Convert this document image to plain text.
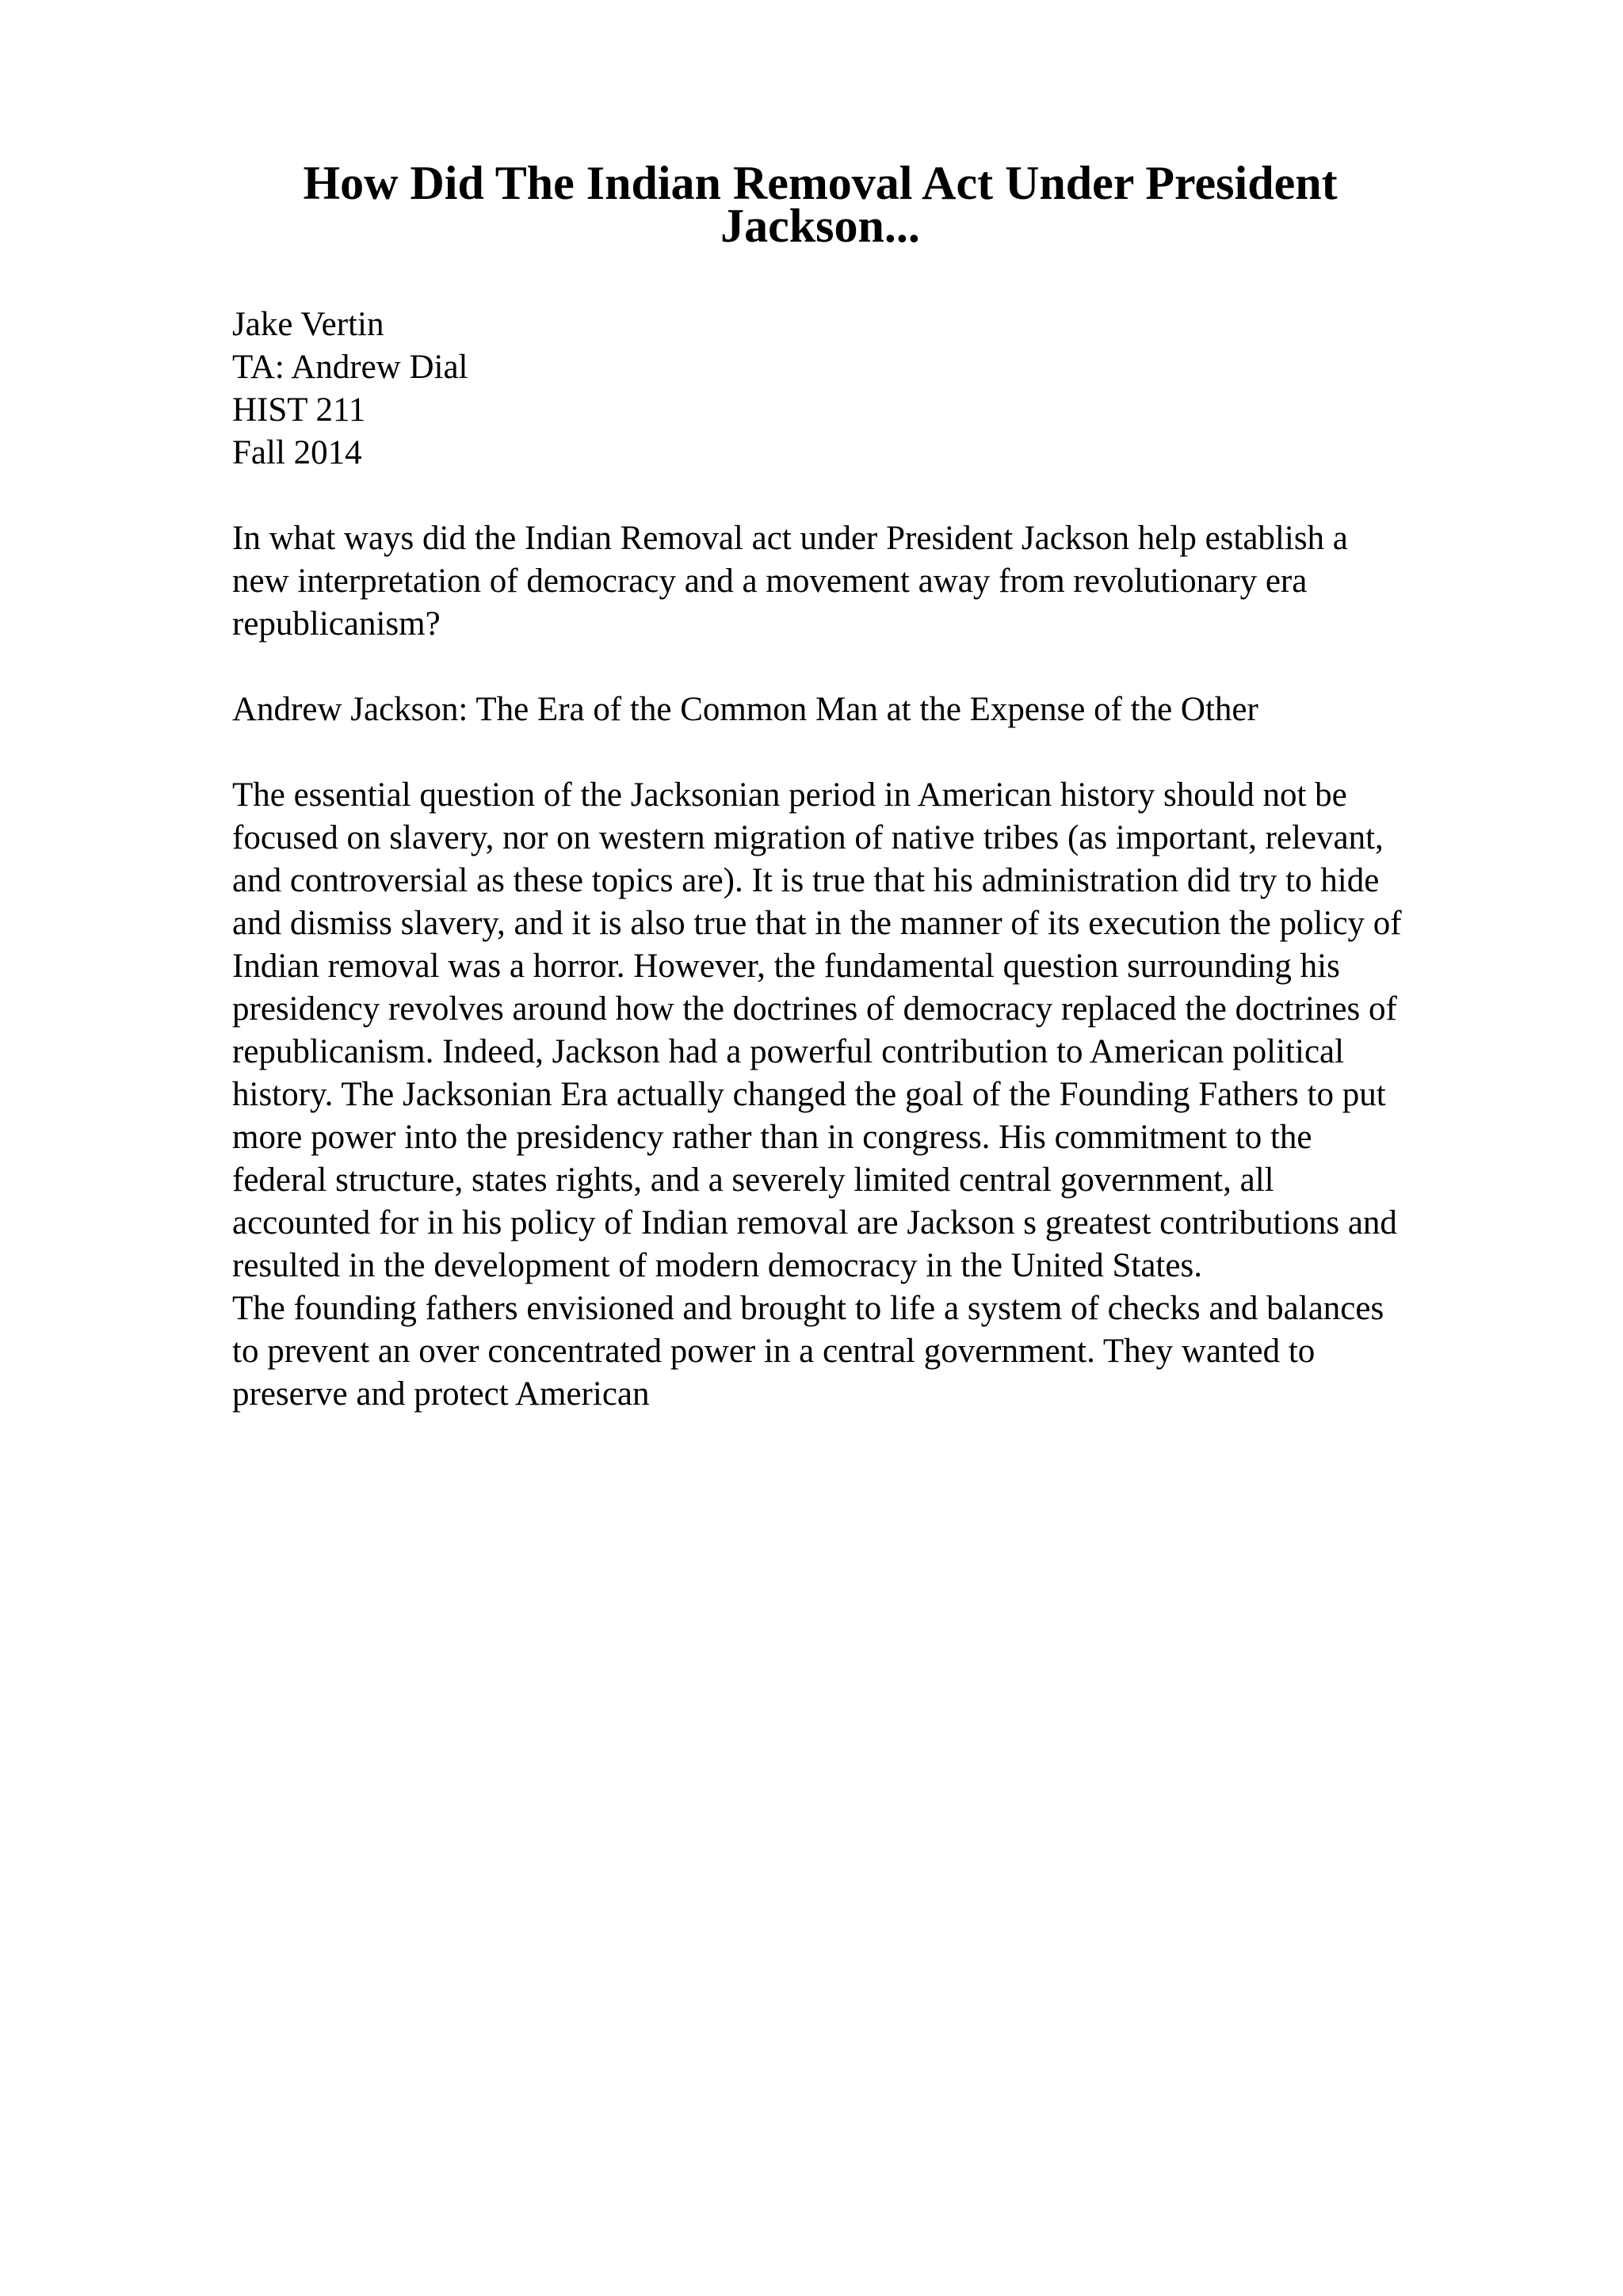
How Did The Indian Removal Act Under President
Jackson...
Jake Vertin
TA: Andrew Dial
HIST 211
Fall 2014
In what ways did the Indian Removal act under President Jackson help establish a
new interpretation of democracy and a movement away from revolutionary era
republicanism?
Andrew Jackson: The Era of the Common Man at the Expense of the Other
The essential question of the Jacksonian period in American history should not be
focused on slavery, nor on western migration of native tribes (as important, relevant,
and controversial as these topics are). It is true that his administration did try to hide
and dismiss slavery, and it is also true that in the manner of its execution the policy of
Indian removal was a horror. However, the fundamental question surrounding his
presidency revolves around how the doctrines of democracy replaced the doctrines of
republicanism. Indeed, Jackson had a powerful contribution to American political
history. The Jacksonian Era actually changed the goal of the Founding Fathers to put
more power into the presidency rather than in congress. His commitment to the
federal structure, states rights, and a severely limited central government, all
accounted for in his policy of Indian removal are Jackson s greatest contributions and
resulted in the development of modern democracy in the United States.
The founding fathers envisioned and brought to life a system of checks and balances
to prevent an over concentrated power in a central government. They wanted to
preserve and protect American
